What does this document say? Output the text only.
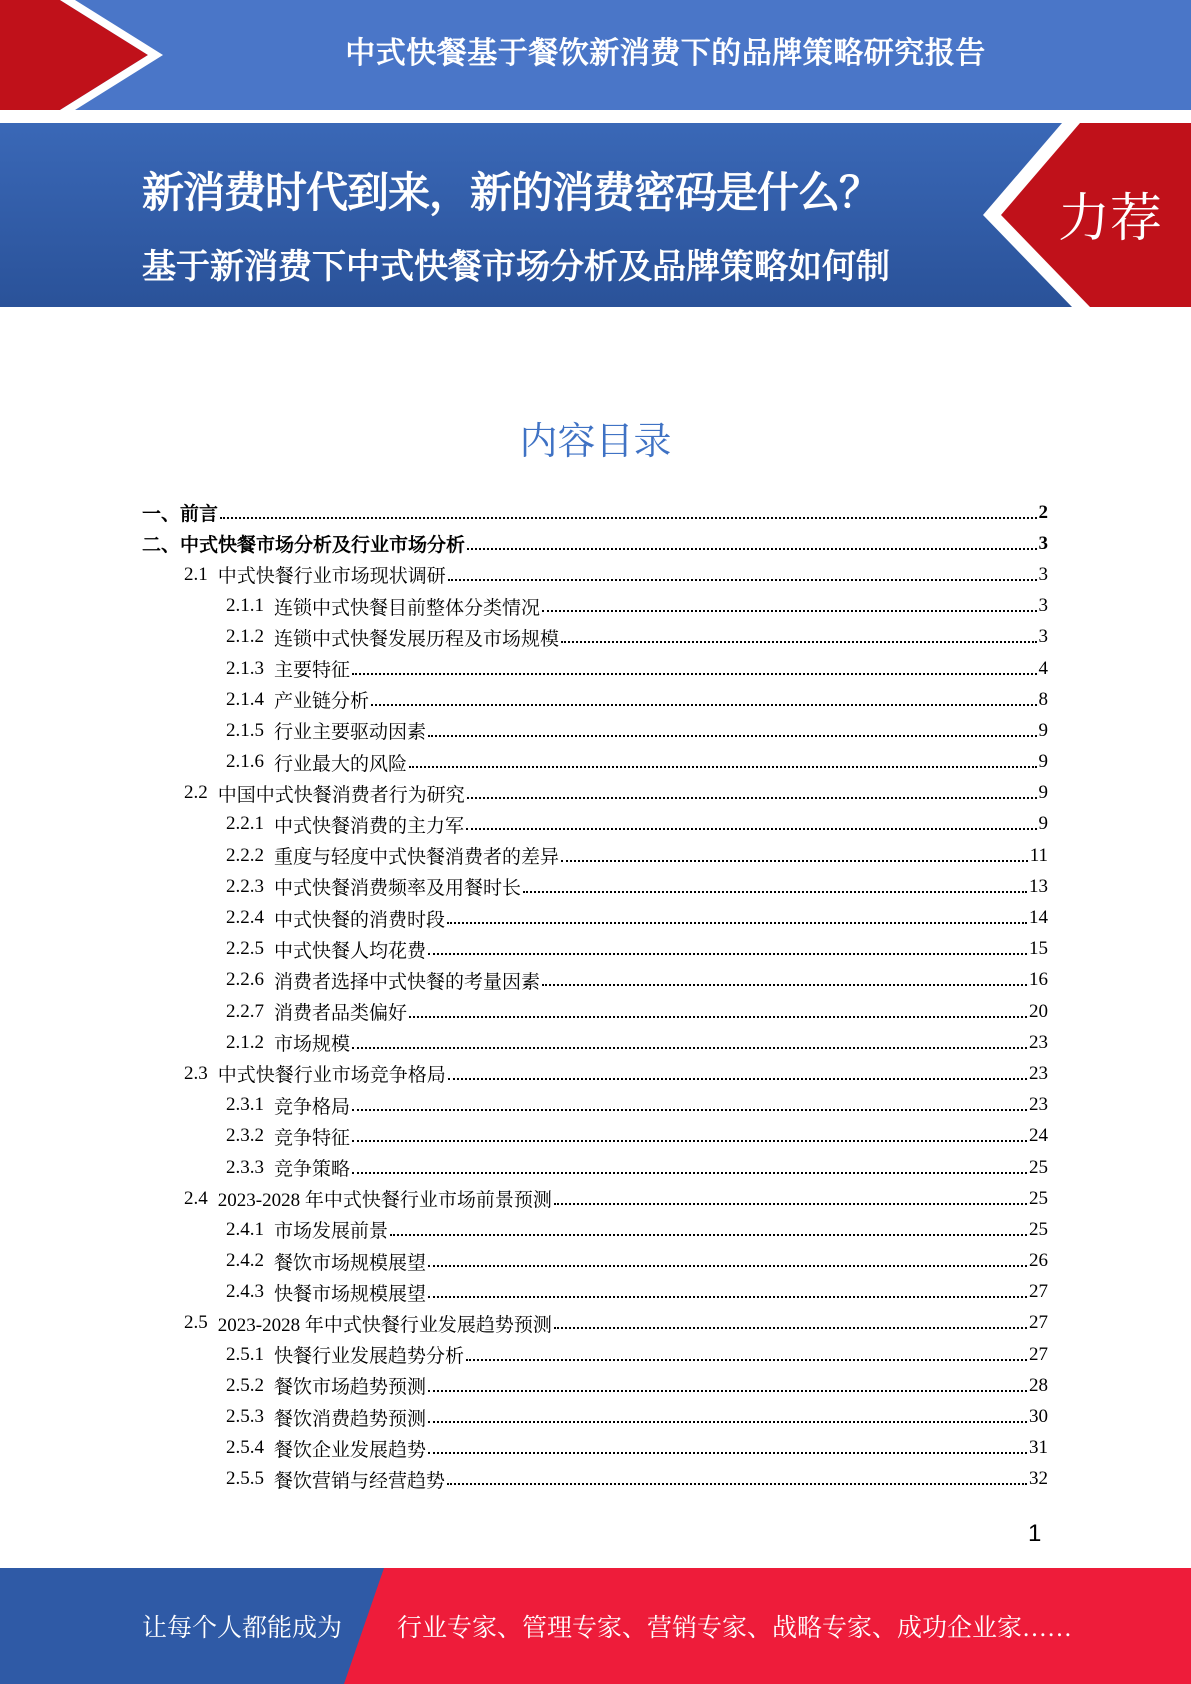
中式快餐基于餐饮新消费下的品牌策略研究报告
新消费时代到来，新的消费密码是什么？
基于新消费下中式快餐市场分析及品牌策略如何制定？？？
力荐
内容目录
一、 前言	2
二、 中式快餐市场分析及行业市场分析	3
2.1 中式快餐行业市场现状调研	3
2.1.1 连锁中式快餐目前整体分类情况	3
2.1.2 连锁中式快餐发展历程及市场规模	3
2.1.3 主要特征	4
2.1.4 产业链分析	8
2.1.5 行业主要驱动因素	9
2.1.6 行业最大的风险	9
2.2 中国中式快餐消费者行为研究	9
2.2.1 中式快餐消费的主力军	9
2.2.2 重度与轻度中式快餐消费者的差异	11
2.2.3 中式快餐消费频率及用餐时长	13
2.2.4 中式快餐的消费时段	14
2.2.5 中式快餐人均花费	15
2.2.6 消费者选择中式快餐的考量因素	16
2.2.7 消费者品类偏好	20
2.1.2 市场规模	23
2.3 中式快餐行业市场竞争格局	23
2.3.1 竞争格局	23
2.3.2 竞争特征	24
2.3.3 竞争策略	25
2.4 2023-2028 年中式快餐行业市场前景预测	25
2.4.1 市场发展前景	25
2.4.2 餐饮市场规模展望	26
2.4.3 快餐市场规模展望	27
2.5 2023-2028 年中式快餐行业发展趋势预测	27
2.5.1 快餐行业发展趋势分析	27
2.5.2 餐饮市场趋势预测	28
2.5.3 餐饮消费趋势预测	30
2.5.4 餐饮企业发展趋势	31
2.5.5 餐饮营销与经营趋势	32
1
让每个人都能成为 行业专家、管理专家、营销专家、战略专家、成功企业家……
